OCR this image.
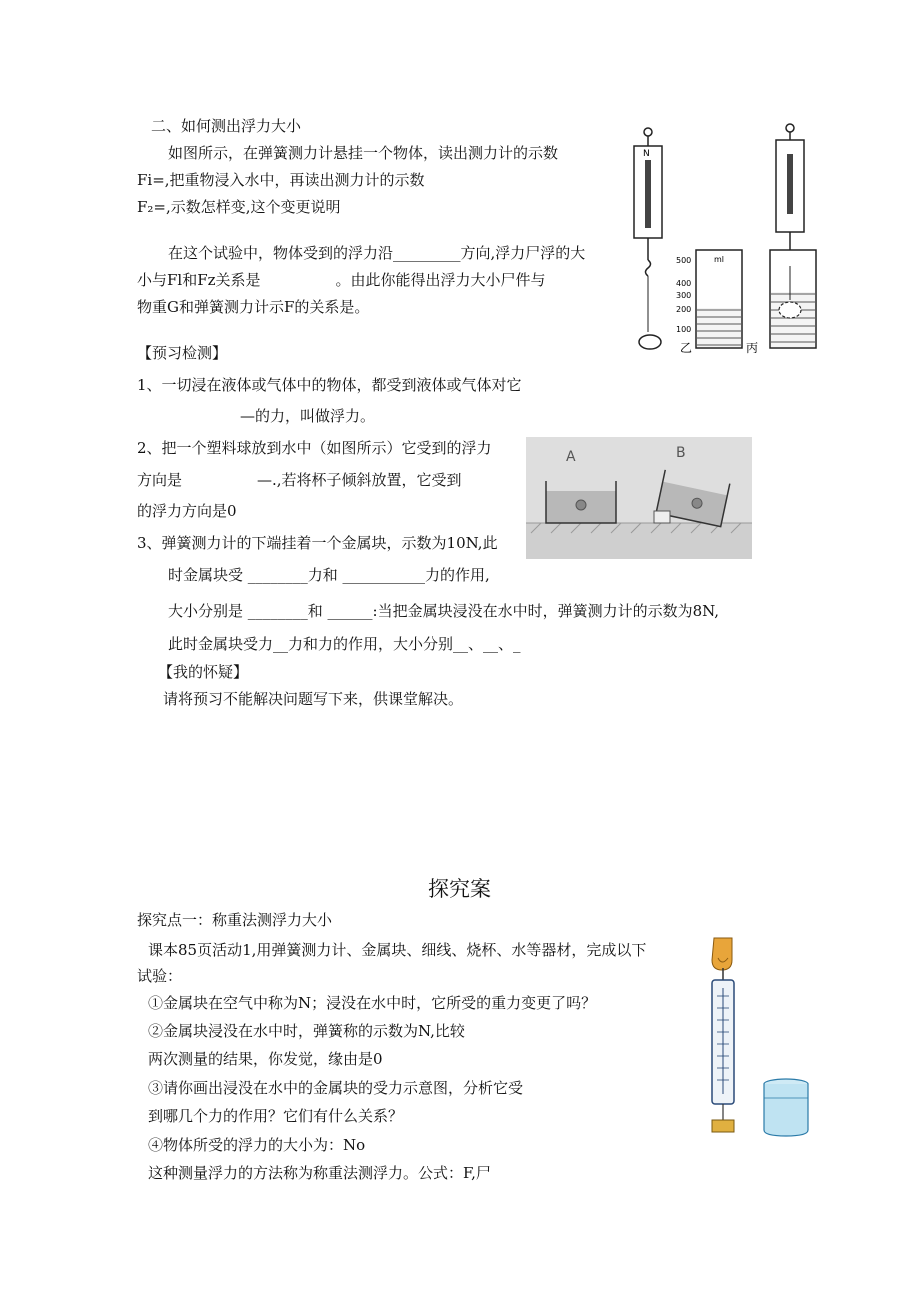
二、如何测出浮力大小
如图所示，在弹簧测力计悬挂一个物体，读出测力计的示数
Fi=,把重物浸入水中，再读出测力计的示数
F₂=,示数怎样变,这个变更说明
在这个试验中，物体受到的浮力沿_________方向,浮力尸浮的大
小与Fl和Fz关系是　　　　　。由此你能得出浮力大小尸件与
物重G和弹簧测力计示F的关系是。
N
500
400
300
200
100
ml
乙	丙
【预习检测】
1、一切浸在液体或气体中的物体，都受到液体或气体对它
—的力，叫做浮力。
2、把一个塑料球放到水中（如图所示）它受到的浮力
方向是　　　　　—.,若将杯子倾斜放置，它受到
的浮力方向是0
3、弹簧测力计的下端挂着一个金属块，示数为10N,此
时金属块受 ________力和 ___________力的作用,
大小分别是 ________和 ______:当把金属块浸没在水中时，弹簧测力计的示数为8N,
此时金属块受力__力和力的作用，大小分别__、__、_
A	B
【我的怀疑】
请将预习不能解决问题写下来，供课堂解决。
探究案
探究点一：称重法测浮力大小
课本85页活动1,用弹簧测力计、金属块、细线、烧杯、水等器材，完成以下
试验：
①金属块在空气中称为N；浸没在水中时，它所受的重力变更了吗？
②金属块浸没在水中时，弹簧称的示数为N,比较
两次测量的结果，你发觉，缘由是0
③请你画出浸没在水中的金属块的受力示意图，分析它受
到哪几个力的作用？它们有什么关系？
④物体所受的浮力的大小为：No
这种测量浮力的方法称为称重法测浮力。公式：F,尸
